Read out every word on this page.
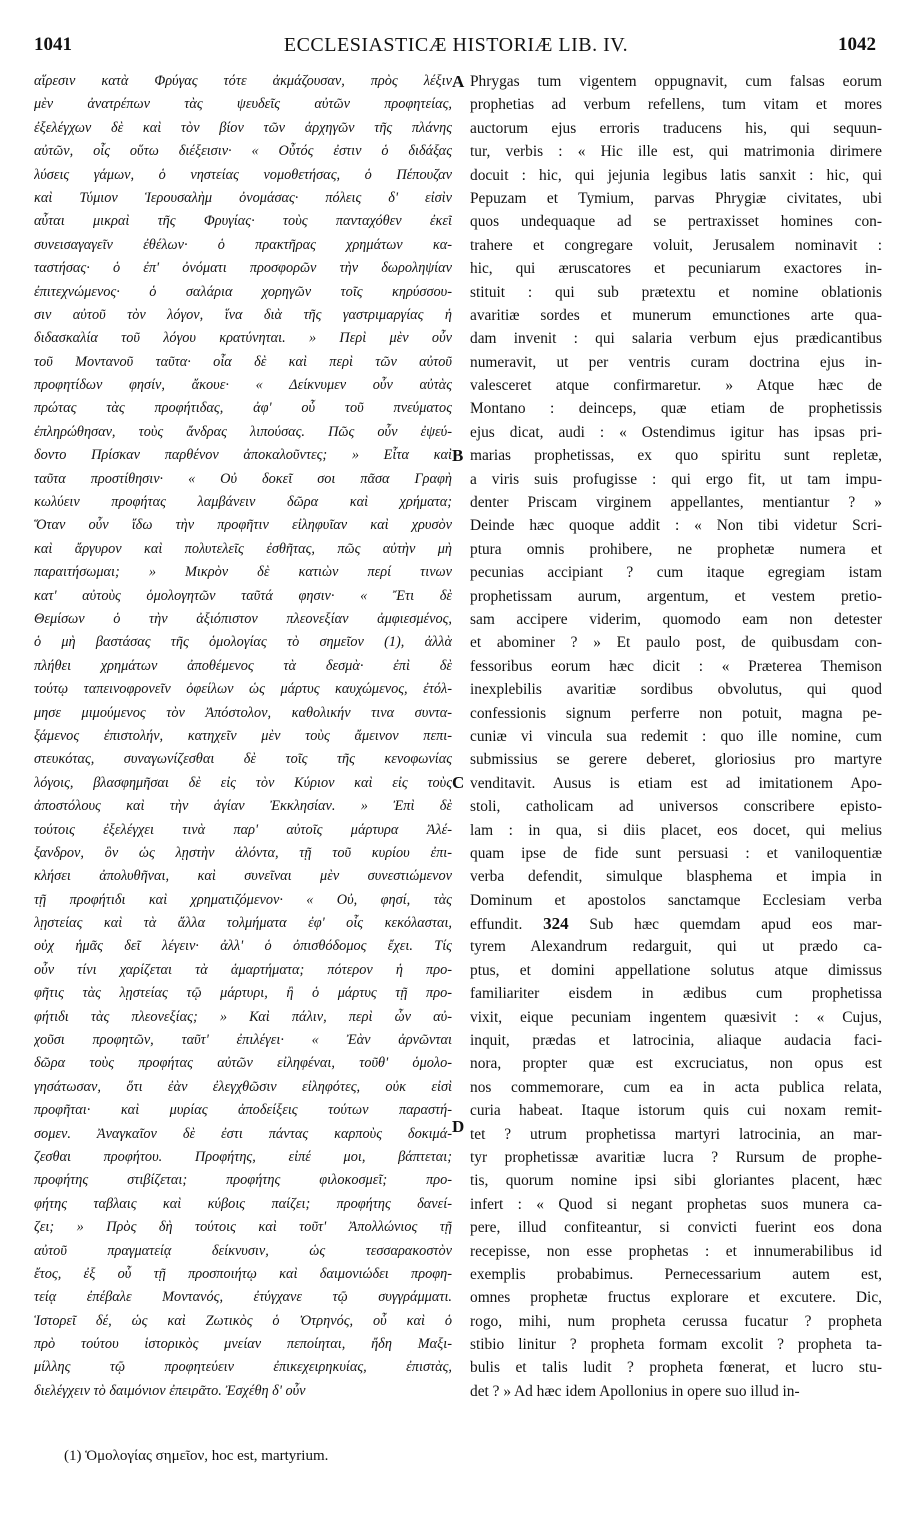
1041	ECCLESIASTICÆ HISTORIÆ LIB. IV.	1042
αἵρεσιν κατὰ Φρύγας τότε ἀκμάζουσαν, πρὸς λέξιν
μὲν ἀνατρέπων τὰς ψευδεῖς αὐτῶν προφητείας,
ἐξελέγχων δὲ καὶ τὸν βίον τῶν ἀρχηγῶν τῆς πλάνης
αὐτῶν, οἷς οὕτω διέξεισιν· « Οὗτός ἐστιν ὁ διδάξας
λύσεις γάμων, ὁ νηστείας νομοθετήσας, ὁ Πέπουζαν
καὶ Τύμιον Ἱερουσαλὴμ ὀνομάσας· πόλεις δ' εἰσὶν
αὗται μικραὶ τῆς Φρυγίας· τοὺς πανταχόθεν ἐκεῖ
συνεισαγαγεῖν ἐθέλων· ὁ πρακτῆρας χρημάτων κα-
ταστήσας· ὁ ἐπ' ὀνόματι προσφορῶν τὴν δωροληψίαν
ἐπιτεχνώμενος· ὁ σαλάρια χορηγῶν τοῖς κηρύσσου-
σιν αὐτοῦ τὸν λόγον, ἵνα διὰ τῆς γαστριμαργίας ἡ
διδασκαλία τοῦ λόγου κρατύνηται. » Περὶ μὲν οὖν
τοῦ Μοντανοῦ ταῦτα· οἷα δὲ καὶ περὶ τῶν αὐτοῦ
προφητίδων φησίν, ἄκουε· « Δείκνυμεν οὖν αὐτὰς
πρώτας τὰς προφήτιδας, ἀφ' οὗ τοῦ πνεύματος
ἐπληρώθησαν, τοὺς ἄνδρας λιπούσας. Πῶς οὖν ἐψεύ-
δοντο Πρίσκαν παρθένον ἀποκαλοῦντες; » Εἶτα καὶ
ταῦτα προστίθησιν· « Οὐ δοκεῖ σοι πᾶσα Γραφὴ
κωλύειν προφήτας λαμβάνειν δῶρα καὶ χρήματα;
Ὅταν οὖν ἴδω τὴν προφῆτιν εἰληφυῖαν καὶ χρυσὸν
καὶ ἄργυρον καὶ πολυτελεῖς ἐσθῆτας, πῶς αὐτὴν μὴ
παραιτήσωμαι; » Μικρὸν δὲ κατιὼν περί τινων
κατ' αὐτοὺς ὁμολογητῶν ταῦτά φησιν· « Ἔτι δὲ
Θεμίσων ὁ τὴν ἀξιόπιστον πλεονεξίαν ἀμφιεσμένος,
ὁ μὴ βαστάσας τῆς ὁμολογίας τὸ σημεῖον (1), ἀλλὰ
πλήθει χρημάτων ἀποθέμενος τὰ δεσμὰ· ἐπὶ δὲ
τούτῳ ταπεινοφρονεῖν ὀφείλων ὡς μάρτυς καυχώμενος, ἐτόλ-
μησε μιμούμενος τὸν Ἀπόστολον, καθολικήν τινα συντα-
ξάμενος ἐπιστολήν, κατηχεῖν μὲν τοὺς ἄμεινον πεπι-
στευκότας, συναγωνίζεσθαι δὲ τοῖς τῆς κενοφωνίας
λόγοις, βλασφημῆσαι δὲ εἰς τὸν Κύριον καὶ εἰς τοὺς
ἀποστόλους καὶ τὴν ἁγίαν Ἐκκλησίαν. » Ἐπὶ δὲ
τούτοις ἐξελέγχει τινὰ παρ' αὐτοῖς μάρτυρα Ἀλέ-
ξανδρον, ὃν ὡς λῃστὴν ἁλόντα, τῇ τοῦ κυρίου ἐπι-
κλήσει ἀπολυθῆναι, καὶ συνεῖναι μὲν συνεστιώμενον
τῇ προφήτιδι καὶ χρηματιζόμενον· « Οὐ, φησί, τὰς
λῃστείας καὶ τὰ ἄλλα τολμήματα ἐφ' οἷς κεκόλασται,
οὐχ ἡμᾶς δεῖ λέγειν· ἀλλ' ὁ ὀπισθόδομος ἔχει. Τίς
οὖν τίνι χαρίζεται τὰ ἁμαρτήματα; πότερον ἡ προ-
φῆτις τὰς λῃστείας τῷ μάρτυρι, ἢ ὁ μάρτυς τῇ προ-
φήτιδι τὰς πλεονεξίας; » Καὶ πάλιν, περὶ ὧν αὐ-
χοῦσι προφητῶν, ταῦτ' ἐπιλέγει· « Ἐὰν ἀρνῶνται
δῶρα τοὺς προφήτας αὐτῶν εἰληφέναι, τοῦθ' ὁμολο-
γησάτωσαν, ὅτι ἐὰν ἐλεγχθῶσιν εἰληφότες, οὐκ εἰσὶ
προφῆται· καὶ μυρίας ἀποδείξεις τούτων παραστή-
σομεν. Ἀναγκαῖον δὲ ἐστι πάντας καρποὺς δοκιμά-
ζεσθαι προφήτου. Προφήτης, εἰπέ μοι, βάπτεται;
προφήτης στιβίζεται; προφήτης φιλοκοσμεῖ; προ-
φήτης ταβλαις καὶ κύβοις παίζει; προφήτης δανεί-
ζει; » Πρὸς δὴ τούτοις καὶ τοῦτ' Ἀπολλώνιος τῇ
αὐτοῦ πραγματείᾳ δείκνυσιν, ὡς τεσσαρακοστὸν
ἔτος, ἐξ οὗ τῇ προσποιήτῳ καὶ δαιμονιώδει προφη-
τείᾳ ἐπέβαλε Μοντανός, ἐτύγχανε τῷ συγγράμματι.
Ἱστορεῖ δέ, ὡς καὶ Ζωτικὸς ὁ Ὀτρηνός, οὗ καὶ ὁ
πρὸ τούτου ἱστορικὸς μνείαν πεποίηται, ἤδη Μαξι-
μίλλης τῷ προφητεύειν ἐπικεχειρηκυίας, ἐπιστὰς,
διελέγχειν τὸ δαιμόνιον ἐπειρᾶτο. Ἐσχέθη δ' οὖν
Phrygas tum vigentem oppugnavit, cum falsas eorum
prophetias ad verbum refellens, tum vitam et mores
auctorum ejus erroris traducens his, qui sequun-
tur, verbis : « Hic ille est, qui matrimonia dirimere
docuit : hic, qui jejunia legibus latis sanxit : hic, qui
Pepuzam et Tymium, parvas Phrygiæ civitates, ubi
quos undequaque ad se pertraxisset homines con-
trahere et congregare voluit, Jerusalem nominavit :
hic, qui æruscatores et pecuniarum exactores in-
stituit : qui sub prætextu et nomine oblationis
avaritiæ sordes et munerum emunctiones arte qua-
dam invenit : qui salaria verbum ejus prædicantibus
numeravit, ut per ventris curam doctrina ejus in-
valesceret atque confirmaretur. » Atque hæc de
Montano : deinceps, quæ etiam de prophetissis
ejus dicat, audi : « Ostendimus igitur has ipsas pri-
marias prophetissas, ex quo spiritu sunt repletæ,
a viris suis profugisse : qui ergo fit, ut tam impu-
denter Priscam virginem appellantes, mentiantur ? »
Deinde hæc quoque addit : « Non tibi videtur Scri-
ptura omnis prohibere, ne prophetæ numera et
pecunias accipiant ? cum itaque egregiam istam
prophetissam aurum, argentum, et vestem pretio-
sam accipere viderim, quomodo eam non detester
et abominer ? » Et paulo post, de quibusdam con-
fessoribus eorum hæc dicit : « Præterea Themison
inexplebilis avaritiæ sordibus obvolutus, qui quod
confessionis signum perferre non potuit, magna pe-
cuniæ vi vincula sua redemit : quo ille nomine, cum
submissius se gerere deberet, gloriosius pro martyre
venditavit. Ausus is etiam est ad imitationem Apo-
stoli, catholicam ad universos conscribere episto-
lam : in qua, si diis placet, eos docet, qui melius
quam ipse de fide sunt persuasi : et vaniloquentiæ
verba defendit, simulque blasphema et impia in
Dominum et apostolos sanctamque Ecclesiam verba
effundit. 324 Sub hæc quemdam apud eos mar-
tyrem Alexandrum redarguit, qui ut prædo ca-
ptus, et domini appellatione solutus atque dimissus
familiariter eisdem in ædibus cum prophetissa
vixit, eique pecuniam ingentem quæsivit : « Cujus,
inquit, prædas et latrocinia, aliaque audacia faci-
nora, propter quæ est excruciatus, non opus est
nos commemorare, cum ea in acta publica relata,
curia habeat. Itaque istorum quis cui noxam remit-
tet ? utrum prophetissa martyri latrocinia, an mar-
tyr prophetissæ avaritiæ lucra ? Rursum de prophe-
tis, quorum nomine ipsi sibi gloriantes placent, hæc
infert : « Quod si negant prophetas suos munera ca-
pere, illud confiteantur, si convicti fuerint eos dona
recepisse, non esse prophetas : et innumerabilibus id
exemplis probabimus. Pernecessarium autem est,
omnes prophetæ fructus explorare et excutere. Dic,
rogo, mihi, num propheta cerussa fucatur ? propheta
stibio linitur ? propheta formam excolit ? propheta ta-
bulis et talis ludit ? propheta fœnerat, et lucro stu-
det ? » Ad hæc idem Apollonius in opere suo illud in-
A
B
C
D
(1) Ὁμολογίας σημεῖον, hoc est, martyrium.
